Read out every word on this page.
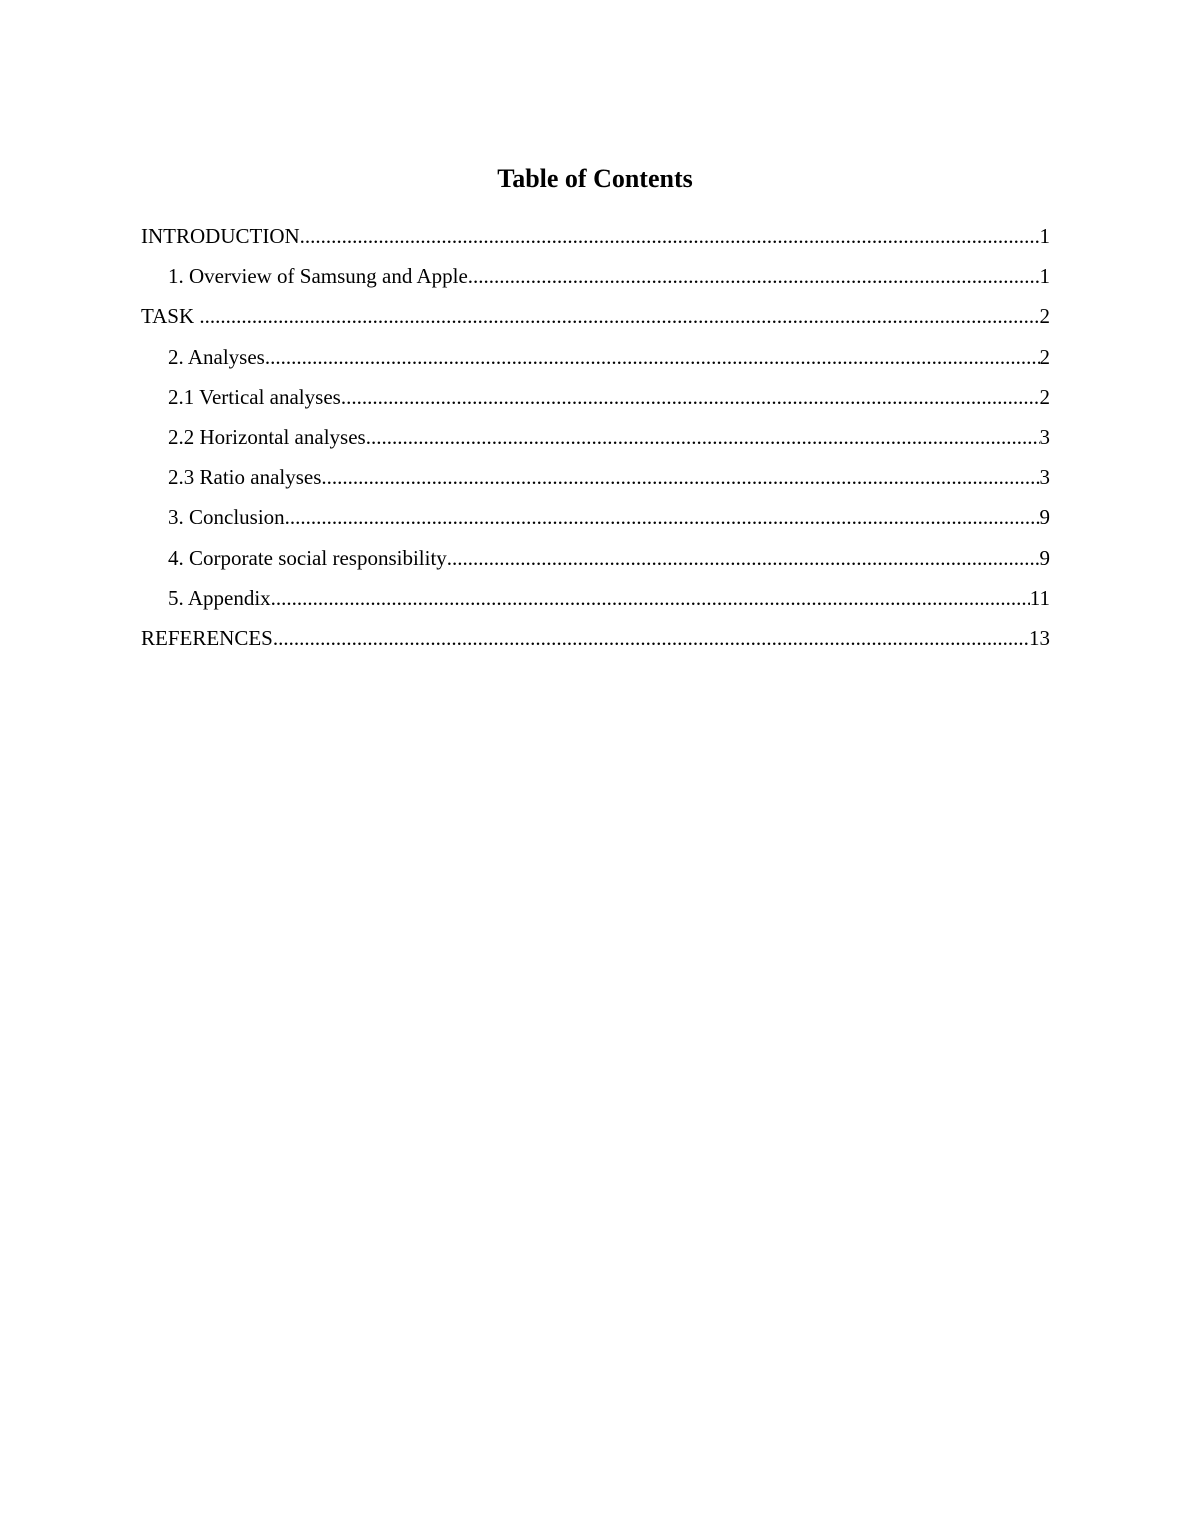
Table of Contents
INTRODUCTION .....	1
1. Overview of Samsung and Apple .....	1
TASK .....	2
2. Analyses .....	2
2.1 Vertical analyses .....	2
2.2 Horizontal analyses .....	3
2.3 Ratio analyses .....	3
3. Conclusion .....	9
4. Corporate social responsibility .....	9
5. Appendix .....	11
REFERENCES .....	13
